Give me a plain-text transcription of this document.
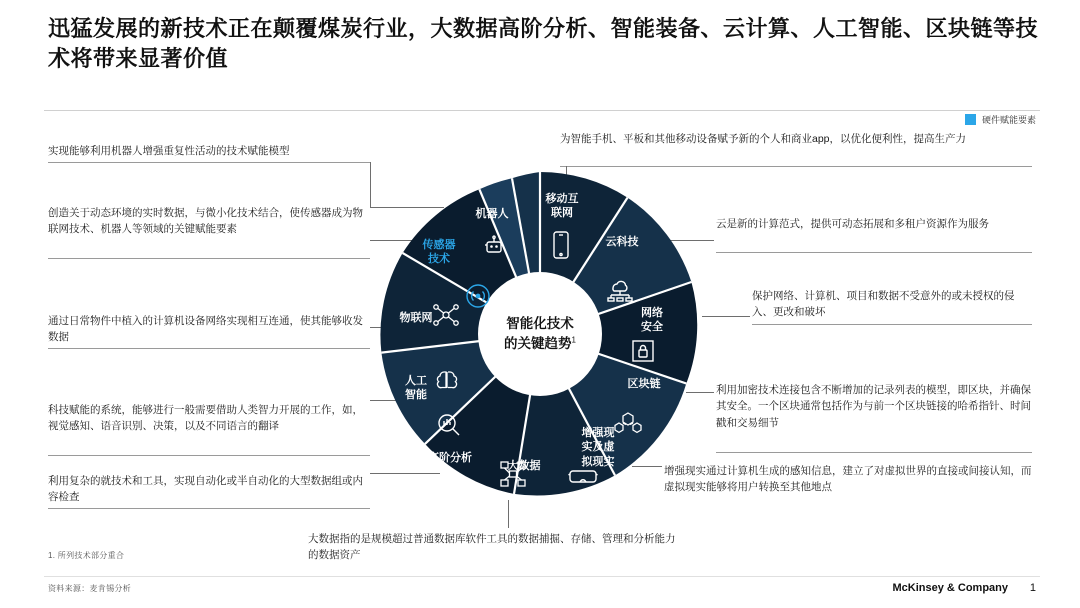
迅猛发展的新技术正在颠覆煤炭行业，大数据高阶分析、智能装备、云计算、人工智能、区块链等技术将带来显著价值
硬件赋能要素
实现能够利用机器人增强重复性活动的技术赋能模型
创造关于动态环境的实时数据，与微小化技术结合，使传感器成为物联网技术、机器人等领域的关键赋能要素
通过日常物件中植入的计算机设备网络实现相互连通，使其能够收发数据
科技赋能的系统，能够进行一般需要借助人类智力开展的工作，如，视觉感知、语音识别、决策，以及不同语言的翻译
利用复杂的就技术和工具，实现自动化或半自动化的大型数据组或内容检查
大数据指的是规模超过普通数据库软件工具的数据捕掘、存储、管理和分析能力的数据资产
为智能手机、平板和其他移动设备赋予新的个人和商业app，以优化便利性，提高生产力
云是新的计算范式，提供可动态拓展和多租户资源作为服务
保护网络、计算机、项目和数据不受意外的或未授权的侵入、更改和破坏
利用加密技术连接包含不断增加的记录列表的模型，即区块，并确保其安全。一个区块通常包括作为与前一个区块链接的哈希指针、时间戳和交易细节
增强现实通过计算机生成的感知信息，建立了对虚拟世界的直接或间接认知，而虚拟现实能够将用户转换至其他地点
智能化技术
的关键趋势$^1$
机器人
移动互
联网
云科技
网络
安全
区块链
增强现
实及虚
拟现实
大数据
高阶分析
人工
智能
物联网
传感器
技术
1. 所列技术部分重合
资料来源：麦肯锡分析	McKinsey & Company 1
